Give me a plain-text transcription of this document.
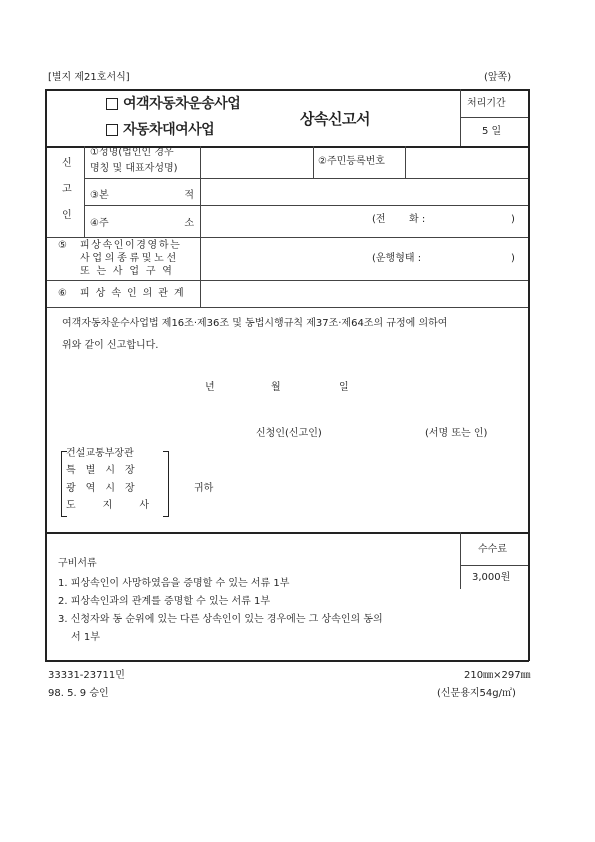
[별지 제21호서식]	(앞쪽)
여객자동차운송사업
자동차대여사업
상속신고서
처리기간
5 일
신
고
인
①성명(법인인 경우
명칭 및 대표자성명)
②주민등록번호
③본	적
④주	소	(전 화 :	)
⑤ 피상속인이경영하는
사업의종류및노선
또는사업구역
(운행형태 :	)
⑥ 피상속인의관계
여객자동차운수사업법 제16조·제36조 및 동법시행규칙 제37조·제64조의 규정에 의하여
위와 같이 신고합니다.
년	월	일
신청인(신고인)	(서명 또는 인)
건설교통부장관
특별시장
광역시장
도지사
귀하
구비서류
1. 피상속인이 사망하였음을 증명할 수 있는 서류 1부
2. 피상속인과의 관계를 증명할 수 있는 서류 1부
3. 신청자와 동 순위에 있는 다른 상속인이 있는 경우에는 그 상속인의 동의
서 1부
수수료
3,000원
33331-23711민
98. 5. 9 승인
210㎜×297㎜
(신문용지54g/㎡)
